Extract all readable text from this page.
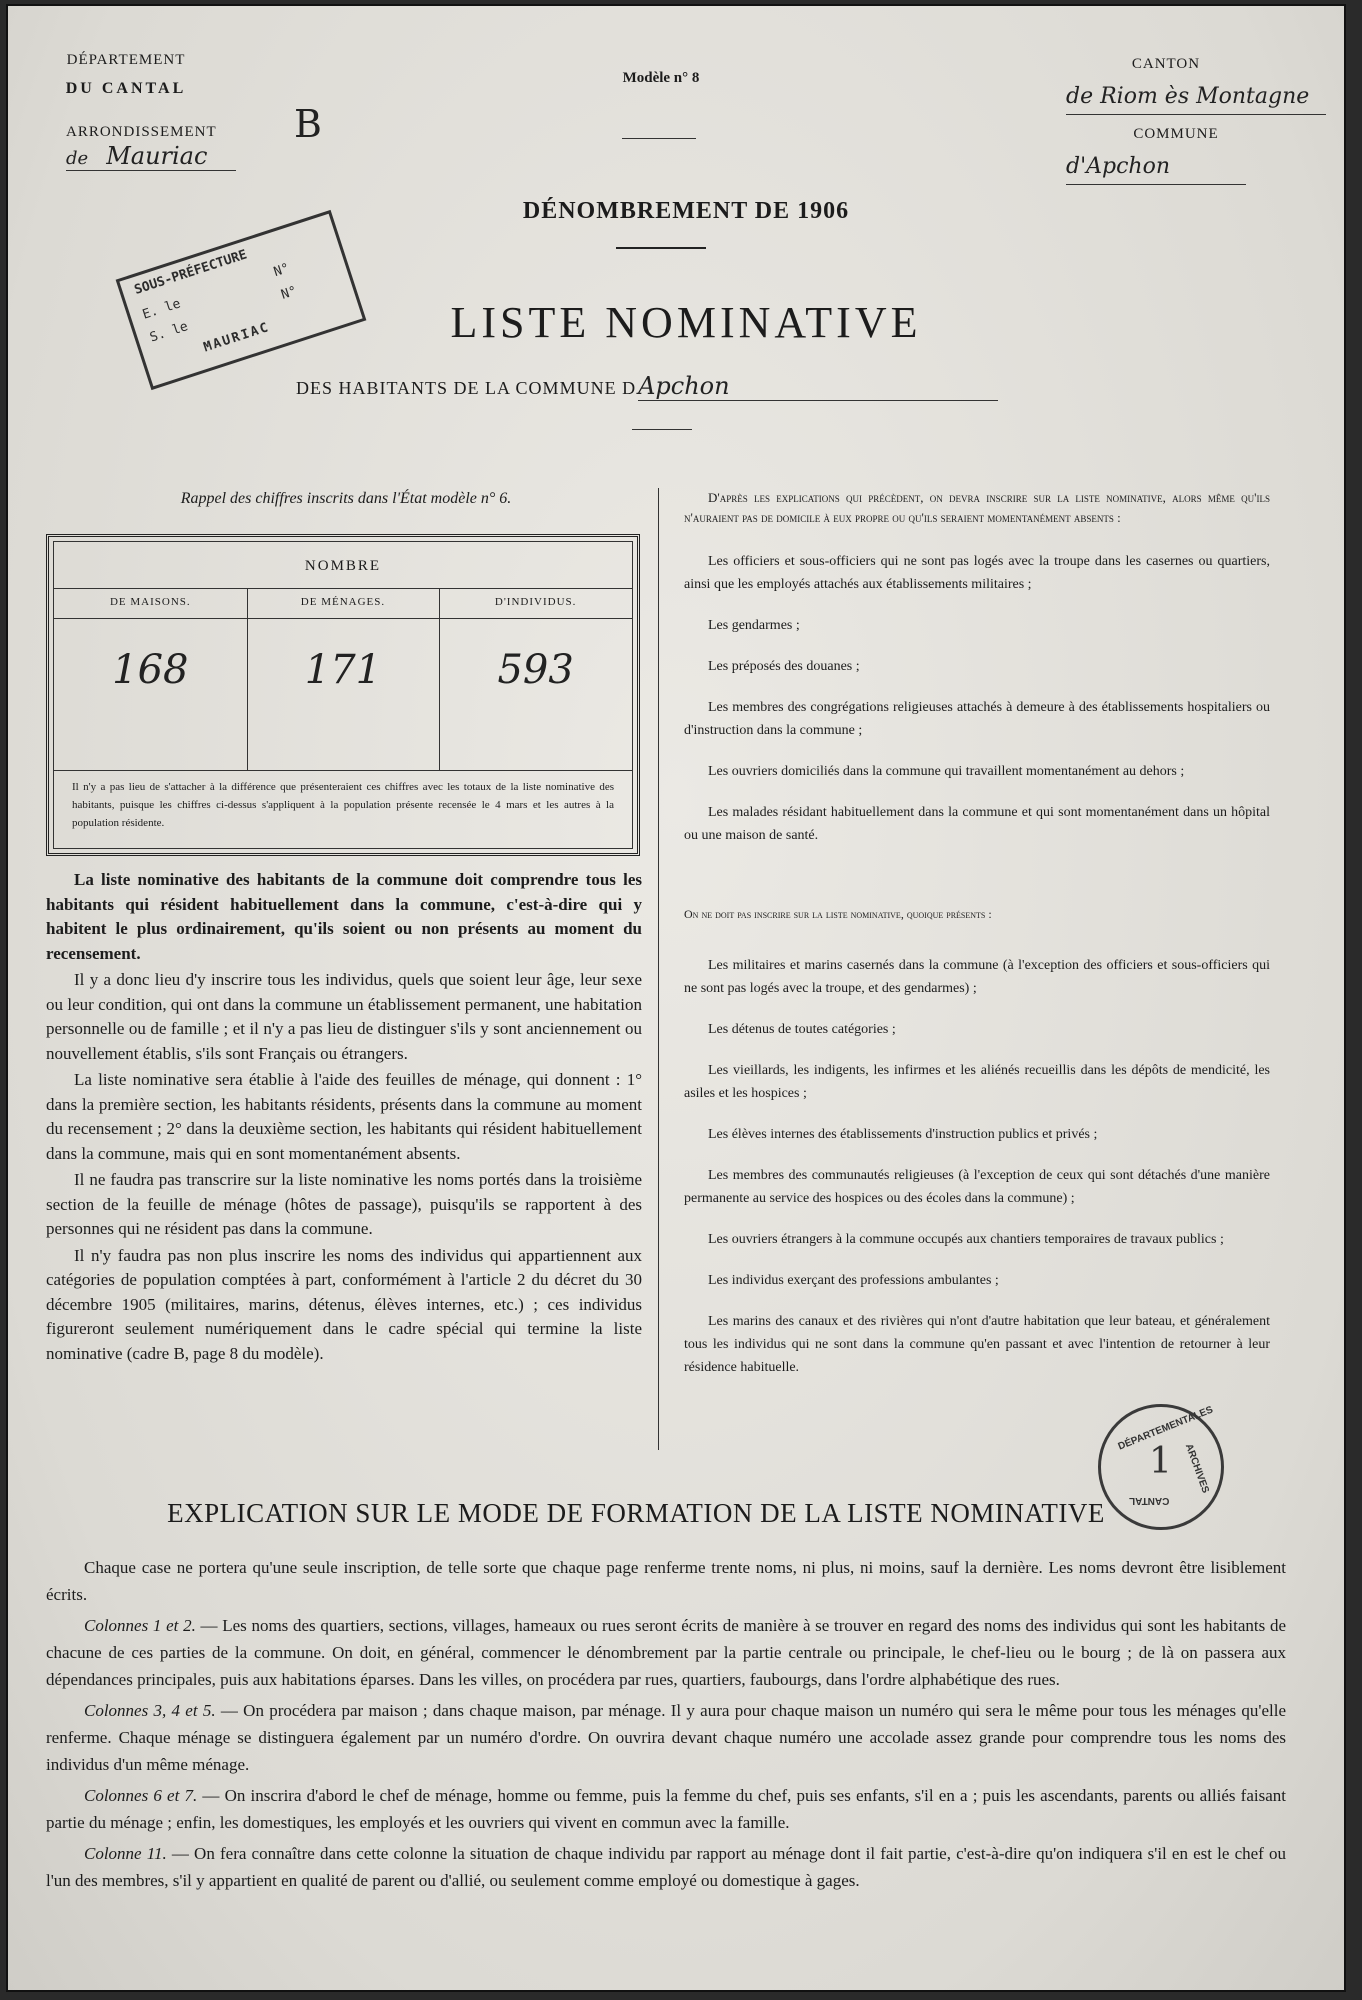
DÉPARTEMENT
DU CANTAL
ARRONDISSEMENT
de Mauriac
Modèle n° 8
B
CANTON
de Riom ès Montagne
COMMUNE
d'Apchon
DÉNOMBREMENT DE 1906
LISTE NOMINATIVE
DES HABITANTS DE LA COMMUNE DApchon
SOUS-PRÉFECTURE
E. le
N°
S. le
N°
MAURIAC
Rappel des chiffres inscrits dans l'État modèle n° 6.
NOMBRE
DE MAISONS.
168
DE MÉNAGES.
171
D'INDIVIDUS.
593
Il n'y a pas lieu de s'attacher à la différence que présenteraient ces chiffres avec les totaux de la liste nominative des habitants, puisque les chiffres ci-dessus s'appliquent à la population présente recensée le 4 mars et les autres à la population résidente.

La liste nominative des habitants de la commune doit comprendre tous les habitants qui résident habituellement dans la commune, c'est-à-dire qui y habitent le plus ordinairement, qu'ils soient ou non présents au moment du recensement.

Il y a donc lieu d'y inscrire tous les individus, quels que soient leur âge, leur sexe ou leur condition, qui ont dans la commune un établissement permanent, une habitation personnelle ou de famille ; et il n'y a pas lieu de distinguer s'ils y sont anciennement ou nouvellement établis, s'ils sont Français ou étrangers.

La liste nominative sera établie à l'aide des feuilles de ménage, qui donnent : 1° dans la première section, les habitants résidents, présents dans la commune au moment du recensement ; 2° dans la deuxième section, les habitants qui résident habituellement dans la commune, mais qui en sont momentanément absents.

Il ne faudra pas transcrire sur la liste nominative les noms portés dans la troisième section de la feuille de ménage (hôtes de passage), puisqu'ils se rapportent à des personnes qui ne résident pas dans la commune.

Il n'y faudra pas non plus inscrire les noms des individus qui appartiennent aux catégories de population comptées à part, conformément à l'article 2 du décret du 30 décembre 1905 (militaires, marins, détenus, élèves internes, etc.) ; ces individus figureront seulement numériquement dans le cadre spécial qui termine la liste nominative (cadre B, page 8 du modèle).

D'après les explications qui précèdent, on devra inscrire sur la liste nominative, alors même qu'ils n'auraient pas de domicile à eux propre ou qu'ils seraient momentanément absents :

Les officiers et sous-officiers qui ne sont pas logés avec la troupe dans les casernes ou quartiers, ainsi que les employés attachés aux établissements militaires ;

Les gendarmes ;

Les préposés des douanes ;

Les membres des congrégations religieuses attachés à demeure à des établissements hospitaliers ou d'instruction dans la commune ;

Les ouvriers domiciliés dans la commune qui travaillent momentanément au dehors ;

Les malades résidant habituellement dans la commune et qui sont momentanément dans un hôpital ou une maison de santé.

On ne doit pas inscrire sur la liste nominative, quoique présents :

Les militaires et marins casernés dans la commune (à l'exception des officiers et sous-officiers qui ne sont pas logés avec la troupe, et des gendarmes) ;

Les détenus de toutes catégories ;

Les vieillards, les indigents, les infirmes et les aliénés recueillis dans les dépôts de mendicité, les asiles et les hospices ;

Les élèves internes des établissements d'instruction publics et privés ;

Les membres des communautés religieuses (à l'exception de ceux qui sont détachés d'une manière permanente au service des hospices ou des écoles dans la commune) ;

Les ouvriers étrangers à la commune occupés aux chantiers temporaires de travaux publics ;

Les individus exerçant des professions ambulantes ;

Les marins des canaux et des rivières qui n'ont d'autre habitation que leur bateau, et généralement tous les individus qui ne sont dans la commune qu'en passant et avec l'intention de retourner à leur résidence habituelle.

DÉPARTEMENTALES
ARCHIVES
CANTAL
1
EXPLICATION SUR LE MODE DE FORMATION DE LA LISTE NOMINATIVE

Chaque case ne portera qu'une seule inscription, de telle sorte que chaque page renferme trente noms, ni plus, ni moins, sauf la dernière. Les noms devront être lisiblement écrits.

Colonnes 1 et 2. — Les noms des quartiers, sections, villages, hameaux ou rues seront écrits de manière à se trouver en regard des noms des individus qui sont les habitants de chacune de ces parties de la commune. On doit, en général, commencer le dénombrement par la partie centrale ou principale, le chef-lieu ou le bourg ; de là on passera aux dépendances principales, puis aux habitations éparses. Dans les villes, on procédera par rues, quartiers, faubourgs, dans l'ordre alphabétique des rues.

Colonnes 3, 4 et 5. — On procédera par maison ; dans chaque maison, par ménage. Il y aura pour chaque maison un numéro qui sera le même pour tous les ménages qu'elle renferme. Chaque ménage se distinguera également par un numéro d'ordre. On ouvrira devant chaque numéro une accolade assez grande pour comprendre tous les noms des individus d'un même ménage.

Colonnes 6 et 7. — On inscrira d'abord le chef de ménage, homme ou femme, puis la femme du chef, puis ses enfants, s'il en a ; puis les ascendants, parents ou alliés faisant partie du ménage ; enfin, les domestiques, les employés et les ouvriers qui vivent en commun avec la famille.

Colonne 11. — On fera connaître dans cette colonne la situation de chaque individu par rapport au ménage dont il fait partie, c'est-à-dire qu'on indiquera s'il en est le chef ou l'un des membres, s'il y appartient en qualité de parent ou d'allié, ou seulement comme employé ou domestique à gages.
